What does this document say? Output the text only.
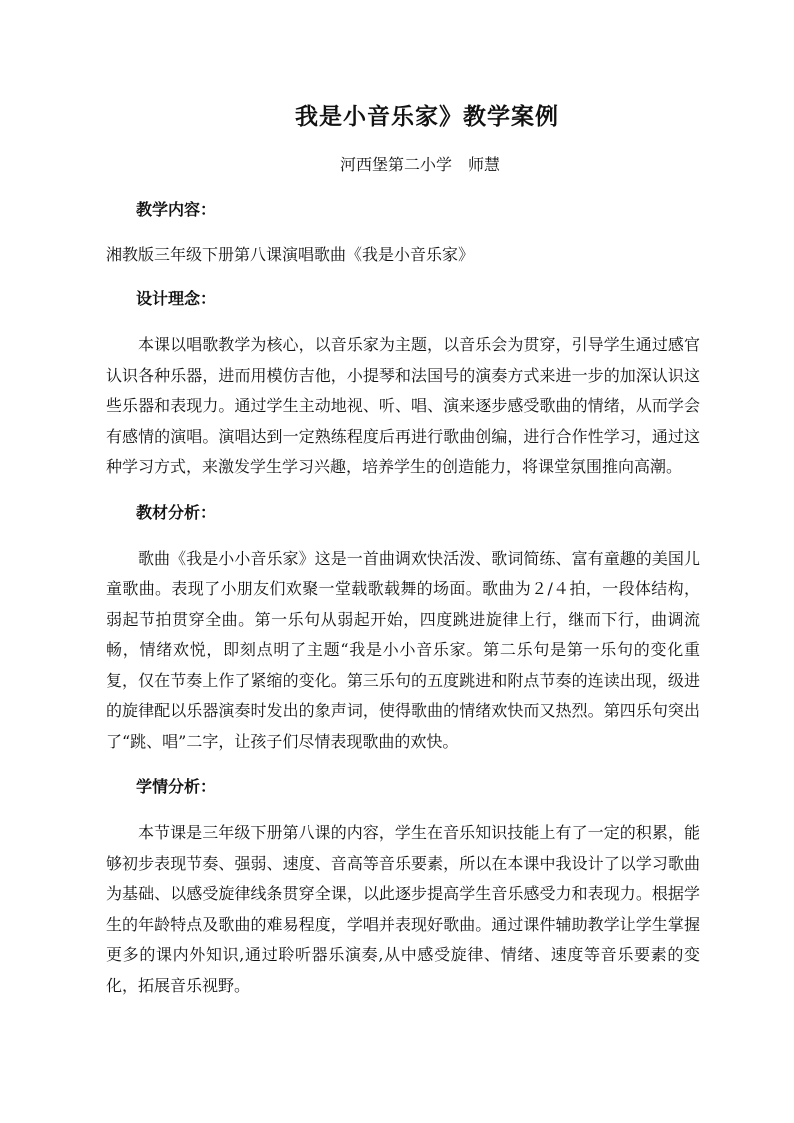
我是小音乐家》教学案例
河西堡第二小学　师慧

教学内容：

湘教版三年级下册第八课演唱歌曲《我是小音乐家》

设计理念：

本课以唱歌教学为核心，以音乐家为主题，以音乐会为贯穿，引导学生通过感官认识各种乐器，进而用模仿吉他，小提琴和法国号的演奏方式来进一步的加深认识这些乐器和表现力。通过学生主动地视、听、唱、演来逐步感受歌曲的情绪，从而学会有感情的演唱。演唱达到一定熟练程度后再进行歌曲创编，进行合作性学习，通过这种学习方式，来激发学生学习兴趣，培养学生的创造能力，将课堂氛围推向高潮。

教材分析：

歌曲《我是小小音乐家》这是一首曲调欢快活泼、歌词简练、富有童趣的美国儿童歌曲。表现了小朋友们欢聚一堂载歌载舞的场面。歌曲为２/４拍，一段体结构，弱起节拍贯穿全曲。第一乐句从弱起开始，四度跳进旋律上行，继而下行，曲调流畅，情绪欢悦，即刻点明了主题“我是小小音乐家。第二乐句是第一乐句的变化重复，仅在节奏上作了紧缩的变化。第三乐句的五度跳进和附点节奏的连读出现，级进的旋律配以乐器演奏时发出的象声词，使得歌曲的情绪欢快而又热烈。第四乐句突出了“跳、唱”二字，让孩子们尽情表现歌曲的欢快。

学情分析：

本节课是三年级下册第八课的内容，学生在音乐知识技能上有了一定的积累，能够初步表现节奏、强弱、速度、音高等音乐要素，所以在本课中我设计了以学习歌曲为基础、以感受旋律线条贯穿全课，以此逐步提高学生音乐感受力和表现力。根据学生的年龄特点及歌曲的难易程度，学唱并表现好歌曲。通过课件辅助教学让学生掌握更多的课内外知识,通过聆听器乐演奏,从中感受旋律、情绪、速度等音乐要素的变化，拓展音乐视野。
